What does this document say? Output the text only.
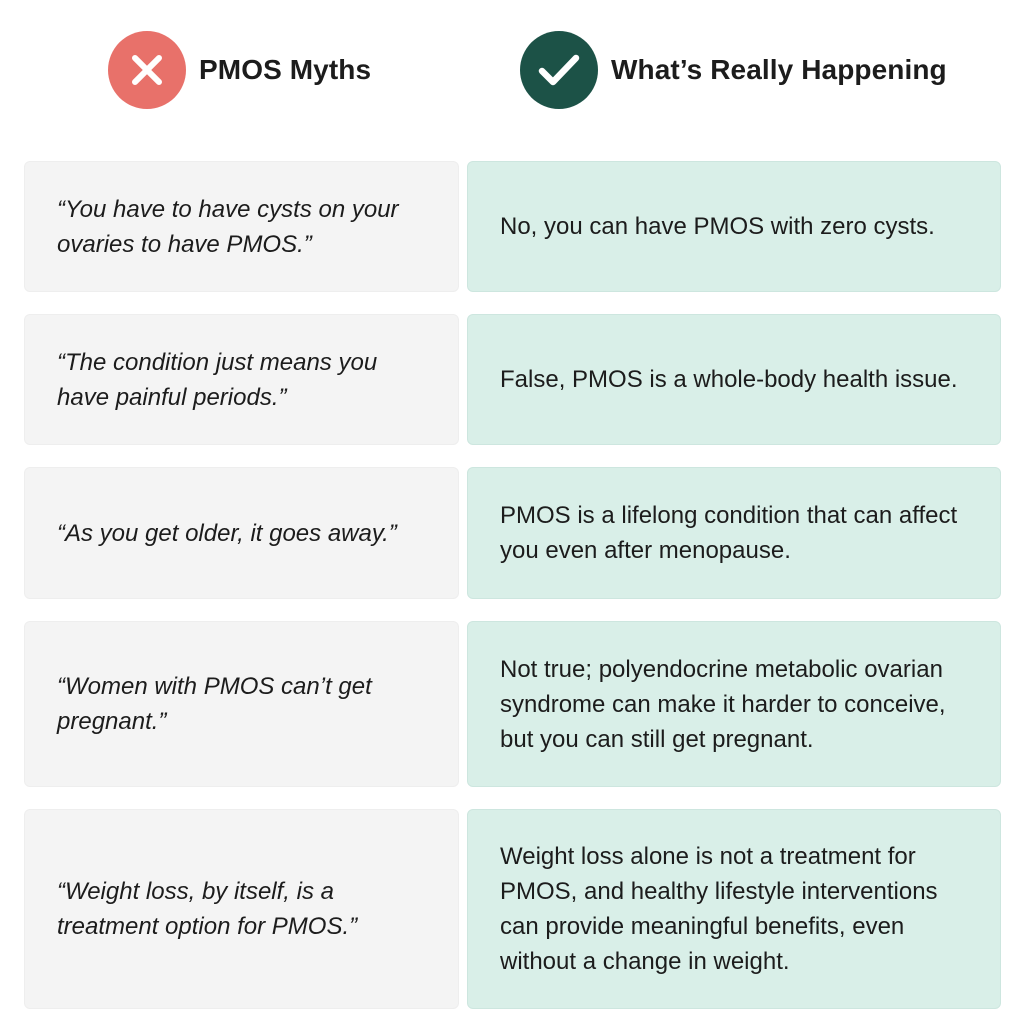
PMOS Myths	What’s Really Happening
“You have to have cysts on your ovaries to have PMOS.”
No, you can have PMOS with zero cysts.
“The condition just means you have painful periods.”
False, PMOS is a whole-body health issue.
“As you get older, it goes away.”
PMOS is a lifelong condition that can affect you even after menopause.
“Women with PMOS can’t get pregnant.”
Not true; polyendocrine metabolic ovarian syndrome can make it harder to conceive, but you can still get pregnant.
“Weight loss, by itself, is a treatment option for PMOS.”
Weight loss alone is not a treatment for PMOS, and healthy lifestyle interventions can provide meaningful benefits, even without a change in weight.
